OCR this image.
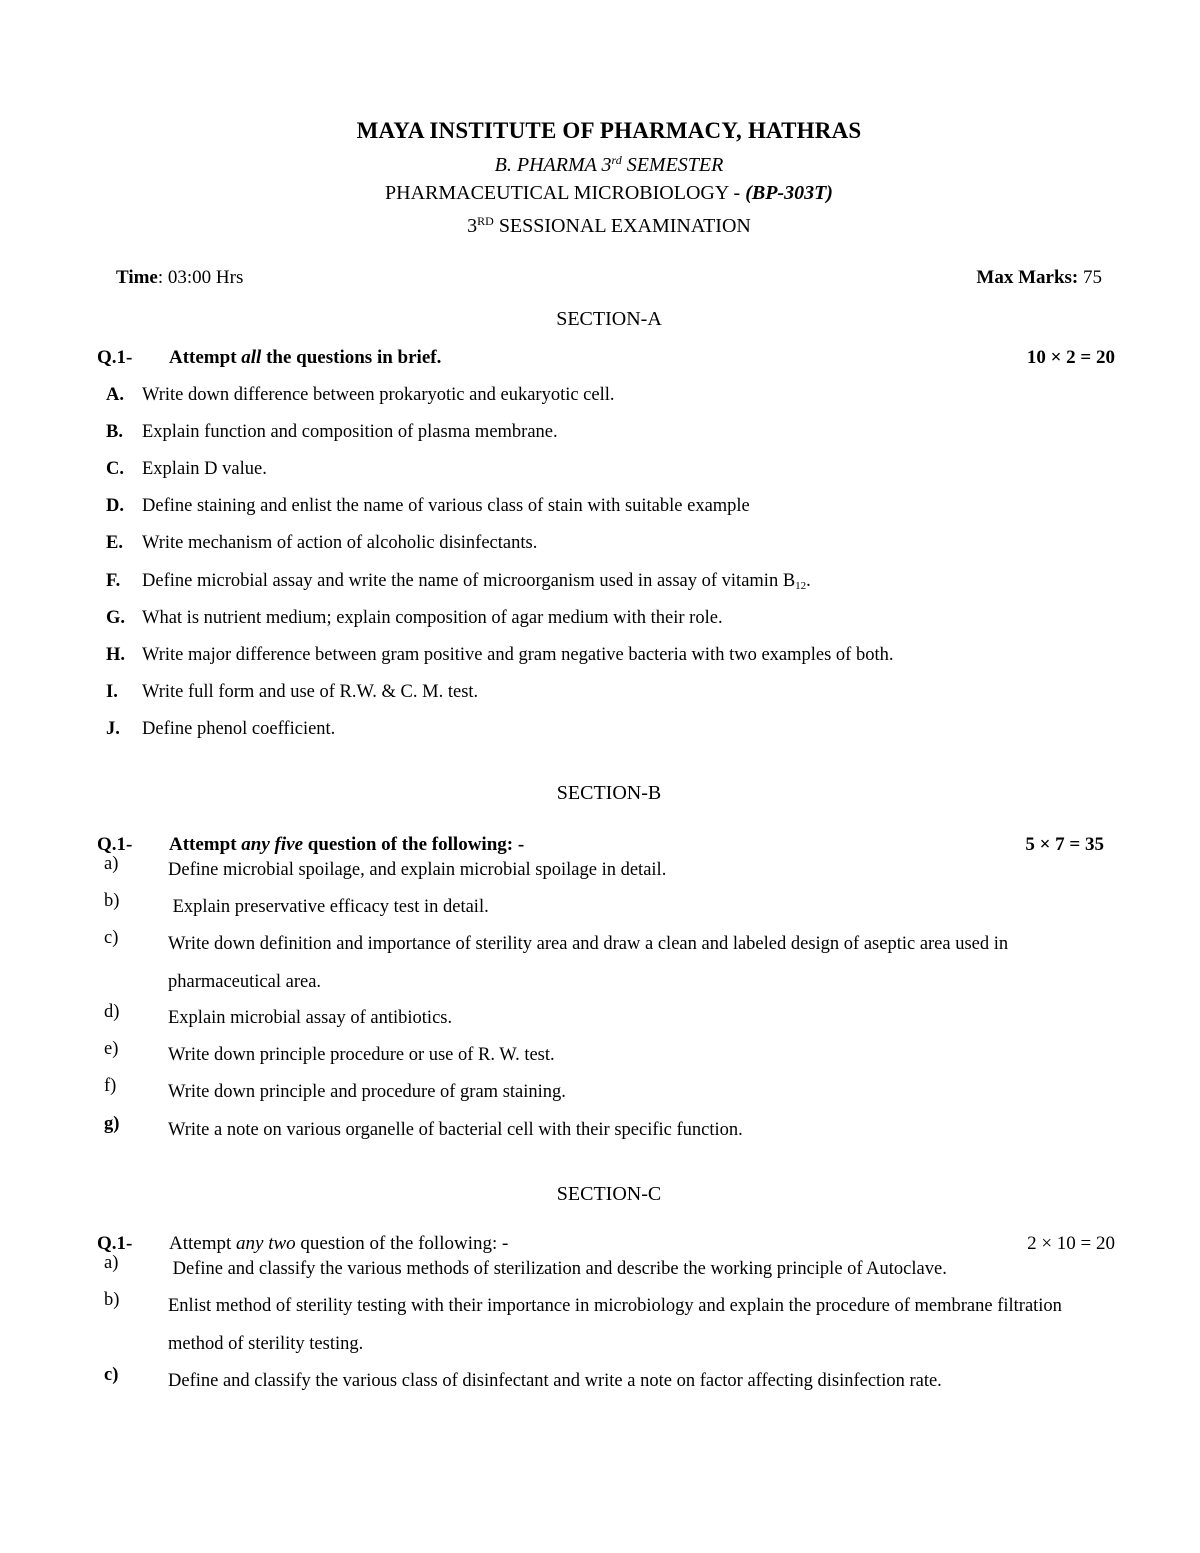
MAYA INSTITUTE OF PHARMACY, HATHRAS
B. PHARMA 3rd SEMESTER
PHARMACEUTICAL MICROBIOLOGY - (BP-303T)
3RD SESSIONAL EXAMINATION
Time: 03:00 Hrs	Max Marks: 75
SECTION-A
Q.1- Attempt all the questions in brief.	10 × 2 = 20
A. Write down difference between prokaryotic and eukaryotic cell.
B. Explain function and composition of plasma membrane.
C. Explain D value.
D. Define staining and enlist the name of various class of stain with suitable example
E. Write mechanism of action of alcoholic disinfectants.
F. Define microbial assay and write the name of microorganism used in assay of vitamin $B_{12}$.
G. What is nutrient medium; explain composition of agar medium with their role.
H. Write major difference between gram positive and gram negative bacteria with two examples of both.
I. Write full form and use of R.W. & C. M. test.
J. Define phenol coefficient.
SECTION-B
Q.1- Attempt any five question of the following: -	5 × 7 = 35
a)	Define microbial spoilage, and explain microbial spoilage in detail.
b)	Explain preservative efficacy test in detail.
c)	Write down definition and importance of sterility area and draw a clean and labeled design of aseptic area used in pharmaceutical area.
d)	Explain microbial assay of antibiotics.
e)	Write down principle procedure or use of R. W. test.
f)	Write down principle and procedure of gram staining.
g)	Write a note on various organelle of bacterial cell with their specific function.
SECTION-C
Q.1- Attempt any two question of the following: -	2 × 10 = 20
a)	Define and classify the various methods of sterilization and describe the working principle of Autoclave.
b)	Enlist method of sterility testing with their importance in microbiology and explain the procedure of membrane filtration method of sterility testing.
c)	Define and classify the various class of disinfectant and write a note on factor affecting disinfection rate.
